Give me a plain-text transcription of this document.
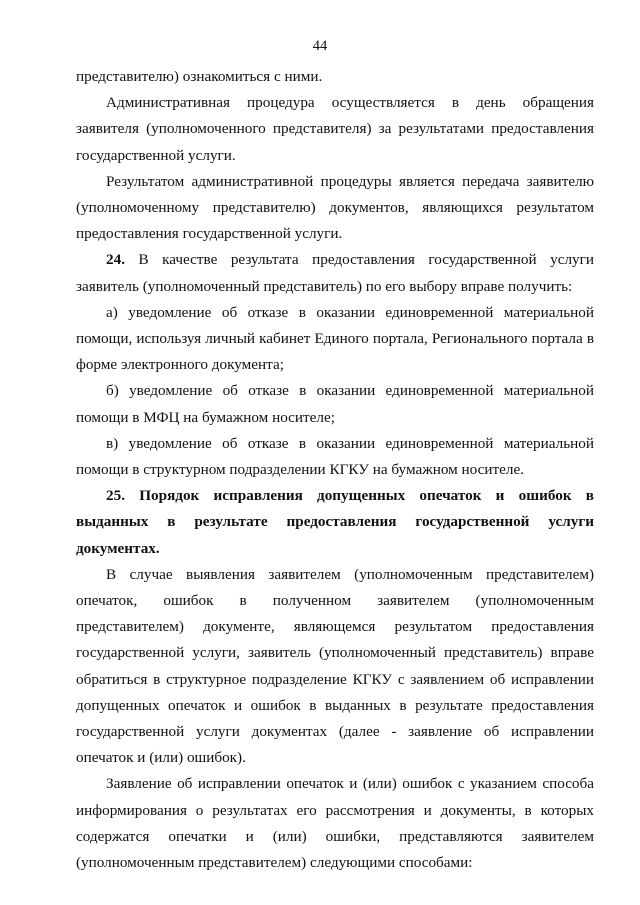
44

представителю) ознакомиться с ними.

Административная процедура осуществляется в день обращения заявителя (уполномоченного представителя) за результатами предоставления государственной услуги.

Результатом административной процедуры является передача заявителю (уполномоченному представителю) документов, являющихся результатом предоставления государственной услуги.

24. В качестве результата предоставления государственной услуги заявитель (уполномоченный представитель) по его выбору вправе получить:

а) уведомление об отказе в оказании единовременной материальной помощи, используя личный кабинет Единого портала, Регионального портала в форме электронного документа;

б) уведомление об отказе в оказании единовременной материальной помощи в МФЦ на бумажном носителе;

в) уведомление об отказе в оказании единовременной материальной помощи в структурном подразделении КГКУ на бумажном носителе.

25. Порядок исправления допущенных опечаток и ошибок в выданных в результате предоставления государственной услуги документах.

В случае выявления заявителем (уполномоченным представителем) опечаток, ошибок в полученном заявителем (уполномоченным представителем) документе, являющемся результатом предоставления государственной услуги, заявитель (уполномоченный представитель) вправе обратиться в структурное подразделение КГКУ с заявлением об исправлении допущенных опечаток и ошибок в выданных в результате предоставления государственной услуги документах (далее - заявление об исправлении опечаток и (или) ошибок).

Заявление об исправлении опечаток и (или) ошибок с указанием способа информирования о результатах его рассмотрения и документы, в которых содержатся опечатки и (или) ошибки, представляются заявителем (уполномоченным представителем) следующими способами:
